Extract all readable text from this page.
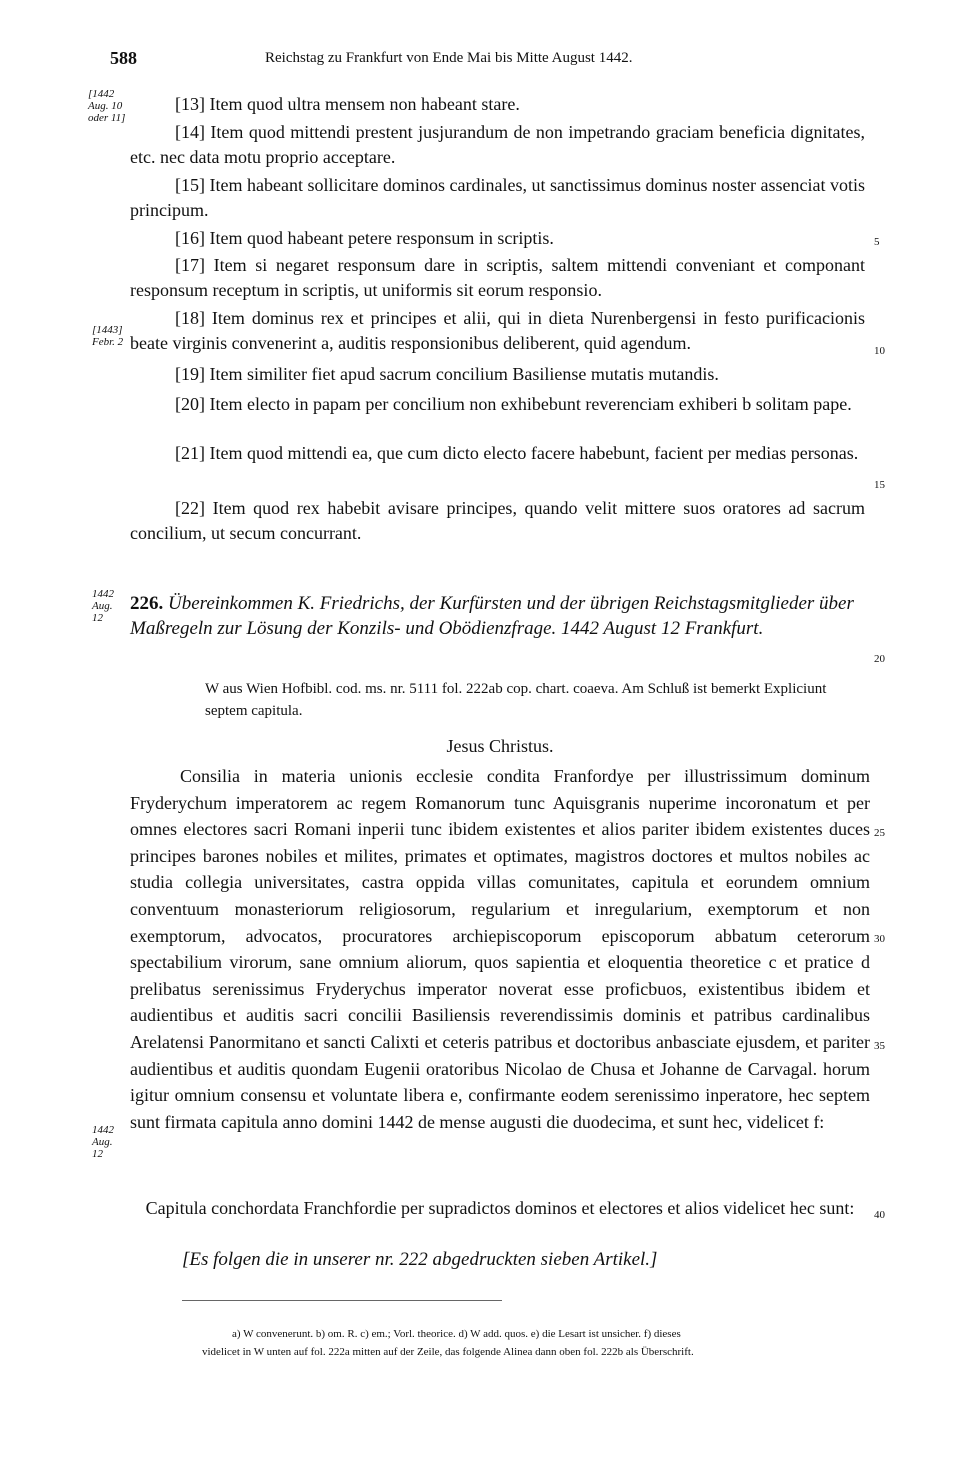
588	Reichstag zu Frankfurt von Ende Mai bis Mitte August 1442.
[1442 Aug. 10 oder 11]
[1443] Febr. 2
1442 Aug. 12
1442 Aug. 12
5
10
15
20
25
30
35
40
[13] Item quod ultra mensem non habeant stare.
[14] Item quod mittendi prestent jusjurandum de non impetrando graciam beneficia dignitates, etc. nec data motu proprio acceptare.
[15] Item habeant sollicitare dominos cardinales, ut sanctissimus dominus noster assenciat votis principum.
[16] Item quod habeant petere responsum in scriptis.
[17] Item si negaret responsum dare in scriptis, saltem mittendi conveniant et componant responsum receptum in scriptis, ut uniformis sit eorum responsio.
[18] Item dominus rex et principes et alii, qui in dieta Nurenbergensi in festo purificacionis beate virginis convenerint a, auditis responsionibus deliberent, quid agendum.
[19] Item similiter fiet apud sacrum concilium Basiliense mutatis mutandis.
[20] Item electo in papam per concilium non exhibebunt reverenciam exhiberi b solitam pape.
[21] Item quod mittendi ea, que cum dicto electo facere habebunt, facient per medias personas.
[22] Item quod rex habebit avisare principes, quando velit mittere suos oratores ad sacrum concilium, ut secum concurrant.
226. Übereinkommen K. Friedrichs, der Kurfürsten und der übrigen Reichstagsmitglieder über Maßregeln zur Lösung der Konzils- und Obödienzfrage. 1442 August 12 Frankfurt.
W aus Wien Hofbibl. cod. ms. nr. 5111 fol. 222ab cop. chart. coaeva. Am Schluß ist bemerkt Expliciunt septem capitula.
Jesus Christus.
Consilia in materia unionis ecclesie condita Franfordye per illustrissimum dominum Fryderychum imperatorem ac regem Romanorum tunc Aquisgranis nuperime incoronatum et per omnes electores sacri Romani inperii tunc ibidem existentes et alios pariter ibidem existentes duces principes barones nobiles et milites, primates et optimates, magistros doctores et multos nobiles ac studia collegia universitates, castra oppida villas comunitates, capitula et eorundem omnium conventuum monasteriorum religiosorum, regularium et inregularium, exemptorum et non exemptorum, advocatos, procuratores archiepiscoporum episcoporum abbatum ceterorum spectabilium virorum, sane omnium aliorum, quos sapientia et eloquentia theoretice c et pratice d prelibatus serenissimus Fryderychus imperator noverat esse proficbuos, existentibus ibidem et audientibus et auditis sacri concilii Basiliensis reverendissimis dominis et patribus cardinalibus Arelatensi Panormitano et sancti Calixti et ceteris patribus et doctoribus anbasciate ejusdem, et pariter audientibus et auditis quondam Eugenii oratoribus Nicolao de Chusa et Johanne de Carvagal. horum igitur omnium consensu et voluntate libera e, confirmante eodem serenissimo inperatore, hec septem sunt firmata capitula anno domini 1442 de mense augusti die duodecima, et sunt hec, videlicet f:
Capitula conchordata Franchfordie per supradictos dominos et electores et alios videlicet hec sunt:
[Es folgen die in unserer nr. 222 abgedruckten sieben Artikel.]
a) W convenerunt. b) om. R. c) em.; Vorl. theorice. d) W add. quos. e) die Lesart ist unsicher. f) dieses
videlicet in W unten auf fol. 222a mitten auf der Zeile, das folgende Alinea dann oben fol. 222b als Überschrift.
